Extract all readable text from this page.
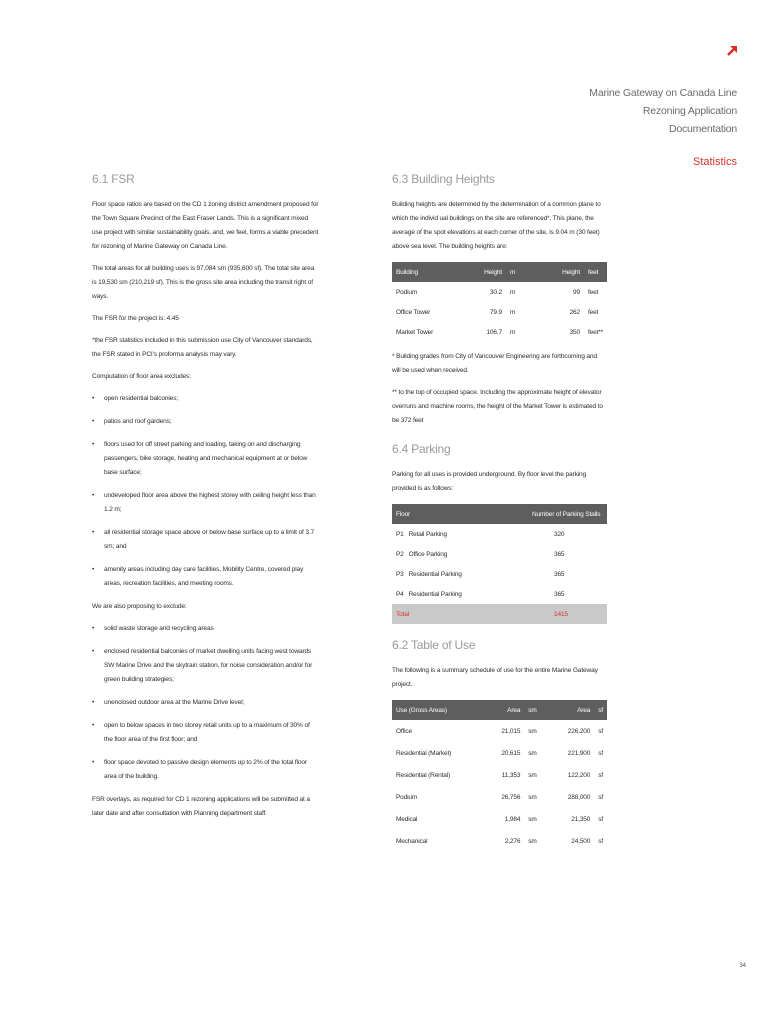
Marine Gateway on Canada Line
Rezoning Application
Documentation
Statistics
6.1 FSR

Floor space ratios are based on the CD 1 zoning district amendment proposed for the Town Square Precinct of the East Fraser Lands. This is a significant mixed use project with similar sustainability goals, and, we feel, forms a viable precedent for rezoning of Marine Gateway on Canada Line.

The total areas for all building uses is 97,084 sm (935,600 sf). The total site area is 19,530 sm (210,219 sf). This is the gross site area including the transit right of ways.

The FSR for the project is: 4.45

*the FSR statistics included in this submission use City of Vancouver standards, the FSR stated in PCI's proforma analysis may vary.

Computation of floor area excludes:

• open residential balconies;
• patios and roof gardens;
• floors used for off street parking and loading, taking on and discharging passengers, bike storage, heating and mechanical equipment at or below base surface;
• undeveloped floor area above the highest storey with ceiling height less than 1.2 m;
• all residential storage space above or below base surface up to a limit of 3.7 sm; and
• amenity areas including day care facilities, Mobility Centre, covered play areas, recreation facilities, and meeting rooms.

We are also proposing to exclude:

• solid waste storage and recycling areas
• enclosed residential balconies of market dwelling units facing west towards SW Marine Drive and the skytrain station, for noise consideration and/or for green building strategies;
• unenclosed outdoor area at the Marine Drive level;
• open to below spaces in two storey retail units up to a maximum of 30% of the floor area of the first floor; and
• floor space devoted to passive design elements up to 2% of the total floor area of the building.

FSR overlays, as required for CD 1 rezoning applications will be submitted at a later date and after consultation with Planning department staff.

6.3 Building Heights

Building heights are determined by the determination of a common plane to which the individ ual buildings on the site are referenced*. This plane, the average of the spot elevations at each corner of the site, is 9.04 m (30 feet) above sea level. The building heights are:

Building	Height	m	Height	feet
Podium	30.2	m	99	feet
Office Tower	79.9	m	262	feet
Market Tower	106.7	m	350	feet**

* Building grades from City of Vancouver Engineering are forthcoming and will be used when received.

** to the top of occupied space. Including the approximate height of elevator overruns and machine rooms, the height of the Market Tower is estimated to be 372 feet

6.4 Parking

Parking for all uses is provided underground. By floor level the parking provided is as follows:

Floor	Number of Parking Stalls
P1   Retail Parking	320
P2   Office Parking	365
P3   Residential Parking	365
P4   Residential Parking	365
Total	1415
6.2 Table of Use

The following is a summary schedule of use for the entire Marine Gateway project.

Use (Gross Areas)	Area	sm	Area	sf
Office	21,015	sm	226,200	sf
Residential (Market)	20,615	sm	221,900	sf
Residential (Rental)	11,353	sm	122,200	sf
Podium	26,756	sm	288,000	sf
Medical	1,984	sm	21,350	sf
Mechanical	2,276	sm	24,500	sf
34
